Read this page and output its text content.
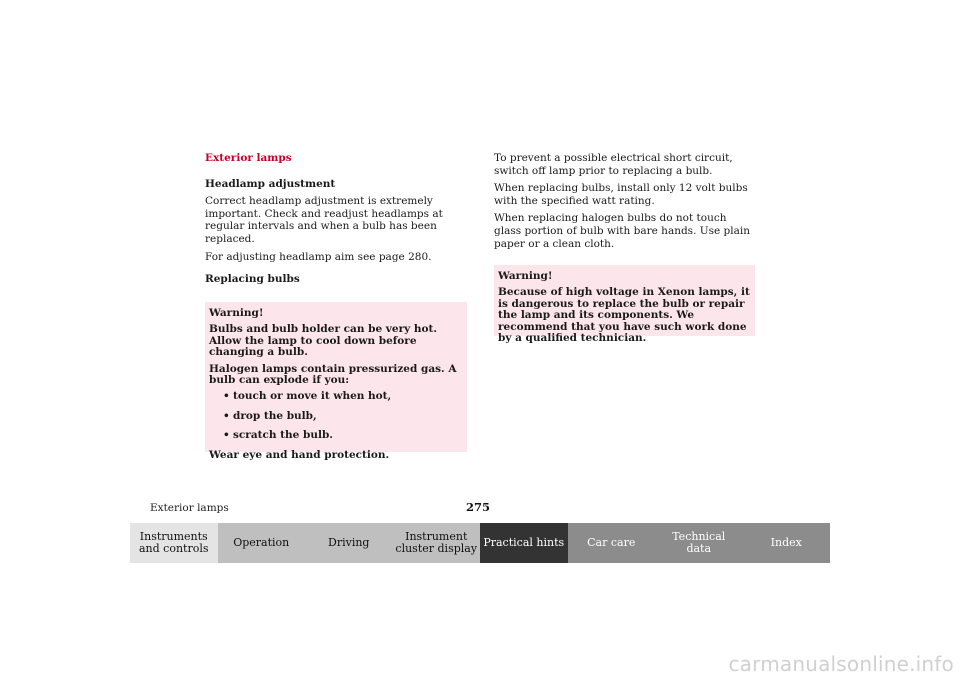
Exterior lamps
Headlamp adjustment
Correct headlamp adjustment is extremely important. Check and readjust headlamps at regular intervals and when a bulb has been replaced.
For adjusting headlamp aim see page 280.
Replacing bulbs
Warning!
Bulbs and bulb holder can be very hot. Allow the lamp to cool down before changing a bulb.
Halogen lamps contain pressurized gas. A bulb can explode if you:
• touch or move it when hot,
• drop the bulb,
• scratch the bulb.
Wear eye and hand protection.
To prevent a possible electrical short circuit, switch off lamp prior to replacing a bulb.
When replacing bulbs, install only 12 volt bulbs with the specified watt rating.
When replacing halogen bulbs do not touch glass portion of bulb with bare hands. Use plain paper or a clean cloth.
Warning!
Because of high voltage in Xenon lamps, it is dangerous to replace the bulb or repair the lamp and its components. We recommend that you have such work done by a qualified technician.
Exterior lamps	275
Instruments
and controls Operation	Driving	Instrument
cluster display Practical hints Car care	Technical
data	Index
carmanualsonline.info
